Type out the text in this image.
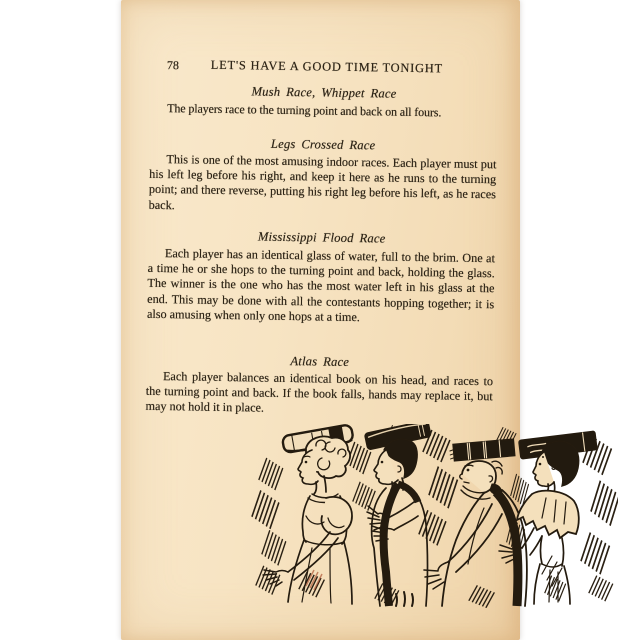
78	LET'S HAVE A GOOD TIME TONIGHT
Mush Race, Whippet Race
The players race to the turning point and back on all fours.
Legs Crossed Race
This is one of the most amusing indoor races. Each player must put his left leg before his right, and keep it here as he runs to the turning point; and there reverse, putting his right leg before his left, as he races back.
Mississippi Flood Race
Each player has an identical glass of water, full to the brim. One at a time he or she hops to the turning point and back, holding the glass. The winner is the one who has the most water left in his glass at the end. This may be done with all the contestants hopping together; it is also amusing when only one hops at a time.
Atlas Race
Each player balances an identical book on his head, and races to the turning point and back. If the book falls, hands may replace it, but may not hold it in place.
